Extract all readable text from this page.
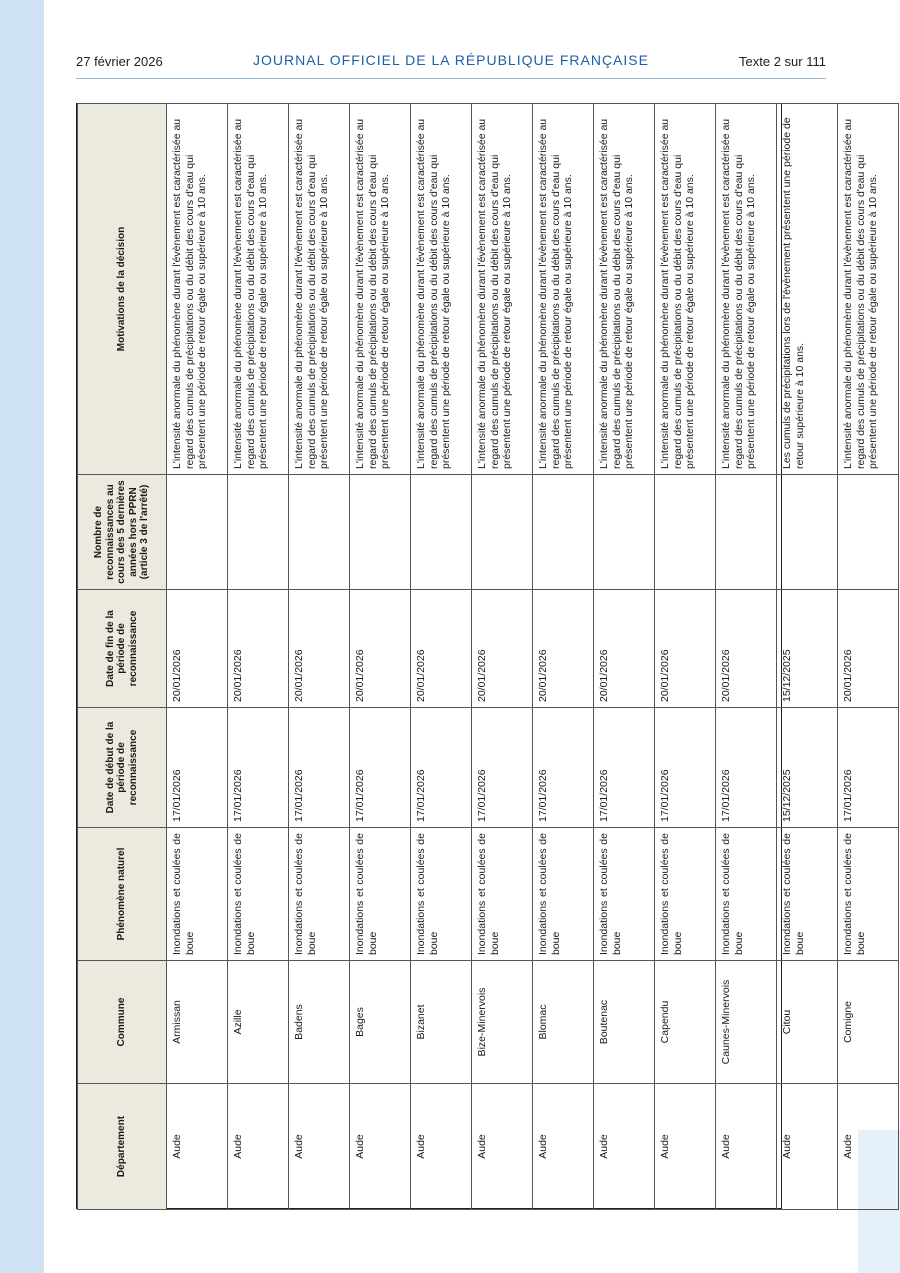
27 février 2026	JOURNAL OFFICIEL DE LA RÉPUBLIQUE FRANÇAISE	Texte 2 sur 111
Département	Commune	Phénomène naturel	Date de début de la période de reconnaissance	Date de fin de la période de reconnaissance	Nombre de reconnaissances au cours des 5 dernières années hors PPRN (article 3 de l'arrêté)	Motivations de la décision
Aude	Armissan	Inondations et coulées de boue	17/01/2026	20/01/2026		L'intensité anormale du phénomène durant l'évènement est caractérisée au regard des cumuls de précipitations ou du débit des cours d'eau qui présentent une période de retour égale ou supérieure à 10 ans.
Aude	Azille	Inondations et coulées de boue	17/01/2026	20/01/2026		L'intensité anormale du phénomène durant l'évènement est caractérisée au regard des cumuls de précipitations ou du débit des cours d'eau qui présentent une période de retour égale ou supérieure à 10 ans.
Aude	Badens	Inondations et coulées de boue	17/01/2026	20/01/2026		L'intensité anormale du phénomène durant l'évènement est caractérisée au regard des cumuls de précipitations ou du débit des cours d'eau qui présentent une période de retour égale ou supérieure à 10 ans.
Aude	Bages	Inondations et coulées de boue	17/01/2026	20/01/2026		L'intensité anormale du phénomène durant l'évènement est caractérisée au regard des cumuls de précipitations ou du débit des cours d'eau qui présentent une période de retour égale ou supérieure à 10 ans.
Aude	Bizanet	Inondations et coulées de boue	17/01/2026	20/01/2026		L'intensité anormale du phénomène durant l'évènement est caractérisée au regard des cumuls de précipitations ou du débit des cours d'eau qui présentent une période de retour égale ou supérieure à 10 ans.
Aude	Bize-Minervois	Inondations et coulées de boue	17/01/2026	20/01/2026		L'intensité anormale du phénomène durant l'évènement est caractérisée au regard des cumuls de précipitations ou du débit des cours d'eau qui présentent une période de retour égale ou supérieure à 10 ans.
Aude	Blomac	Inondations et coulées de boue	17/01/2026	20/01/2026		L'intensité anormale du phénomène durant l'évènement est caractérisée au regard des cumuls de précipitations ou du débit des cours d'eau qui présentent une période de retour égale ou supérieure à 10 ans.
Aude	Boutenac	Inondations et coulées de boue	17/01/2026	20/01/2026		L'intensité anormale du phénomène durant l'évènement est caractérisée au regard des cumuls de précipitations ou du débit des cours d'eau qui présentent une période de retour égale ou supérieure à 10 ans.
Aude	Capendu	Inondations et coulées de boue	17/01/2026	20/01/2026		L'intensité anormale du phénomène durant l'évènement est caractérisée au regard des cumuls de précipitations ou du débit des cours d'eau qui présentent une période de retour égale ou supérieure à 10 ans.
Aude	Caunes-Minervois	Inondations et coulées de boue	17/01/2026	20/01/2026		L'intensité anormale du phénomène durant l'évènement est caractérisée au regard des cumuls de précipitations ou du débit des cours d'eau qui présentent une période de retour égale ou supérieure à 10 ans.
Aude	Citou	Inondations et coulées de boue	15/12/2025	15/12/2025		Les cumuls de précipitations lors de l'évènement présentent une période de retour supérieure à 10 ans.
Aude	Comigne	Inondations et coulées de boue	17/01/2026	20/01/2026		L'intensité anormale du phénomène durant l'évènement est caractérisée au regard des cumuls de précipitations ou du débit des cours d'eau qui présentent une période de retour égale ou supérieure à 10 ans.
